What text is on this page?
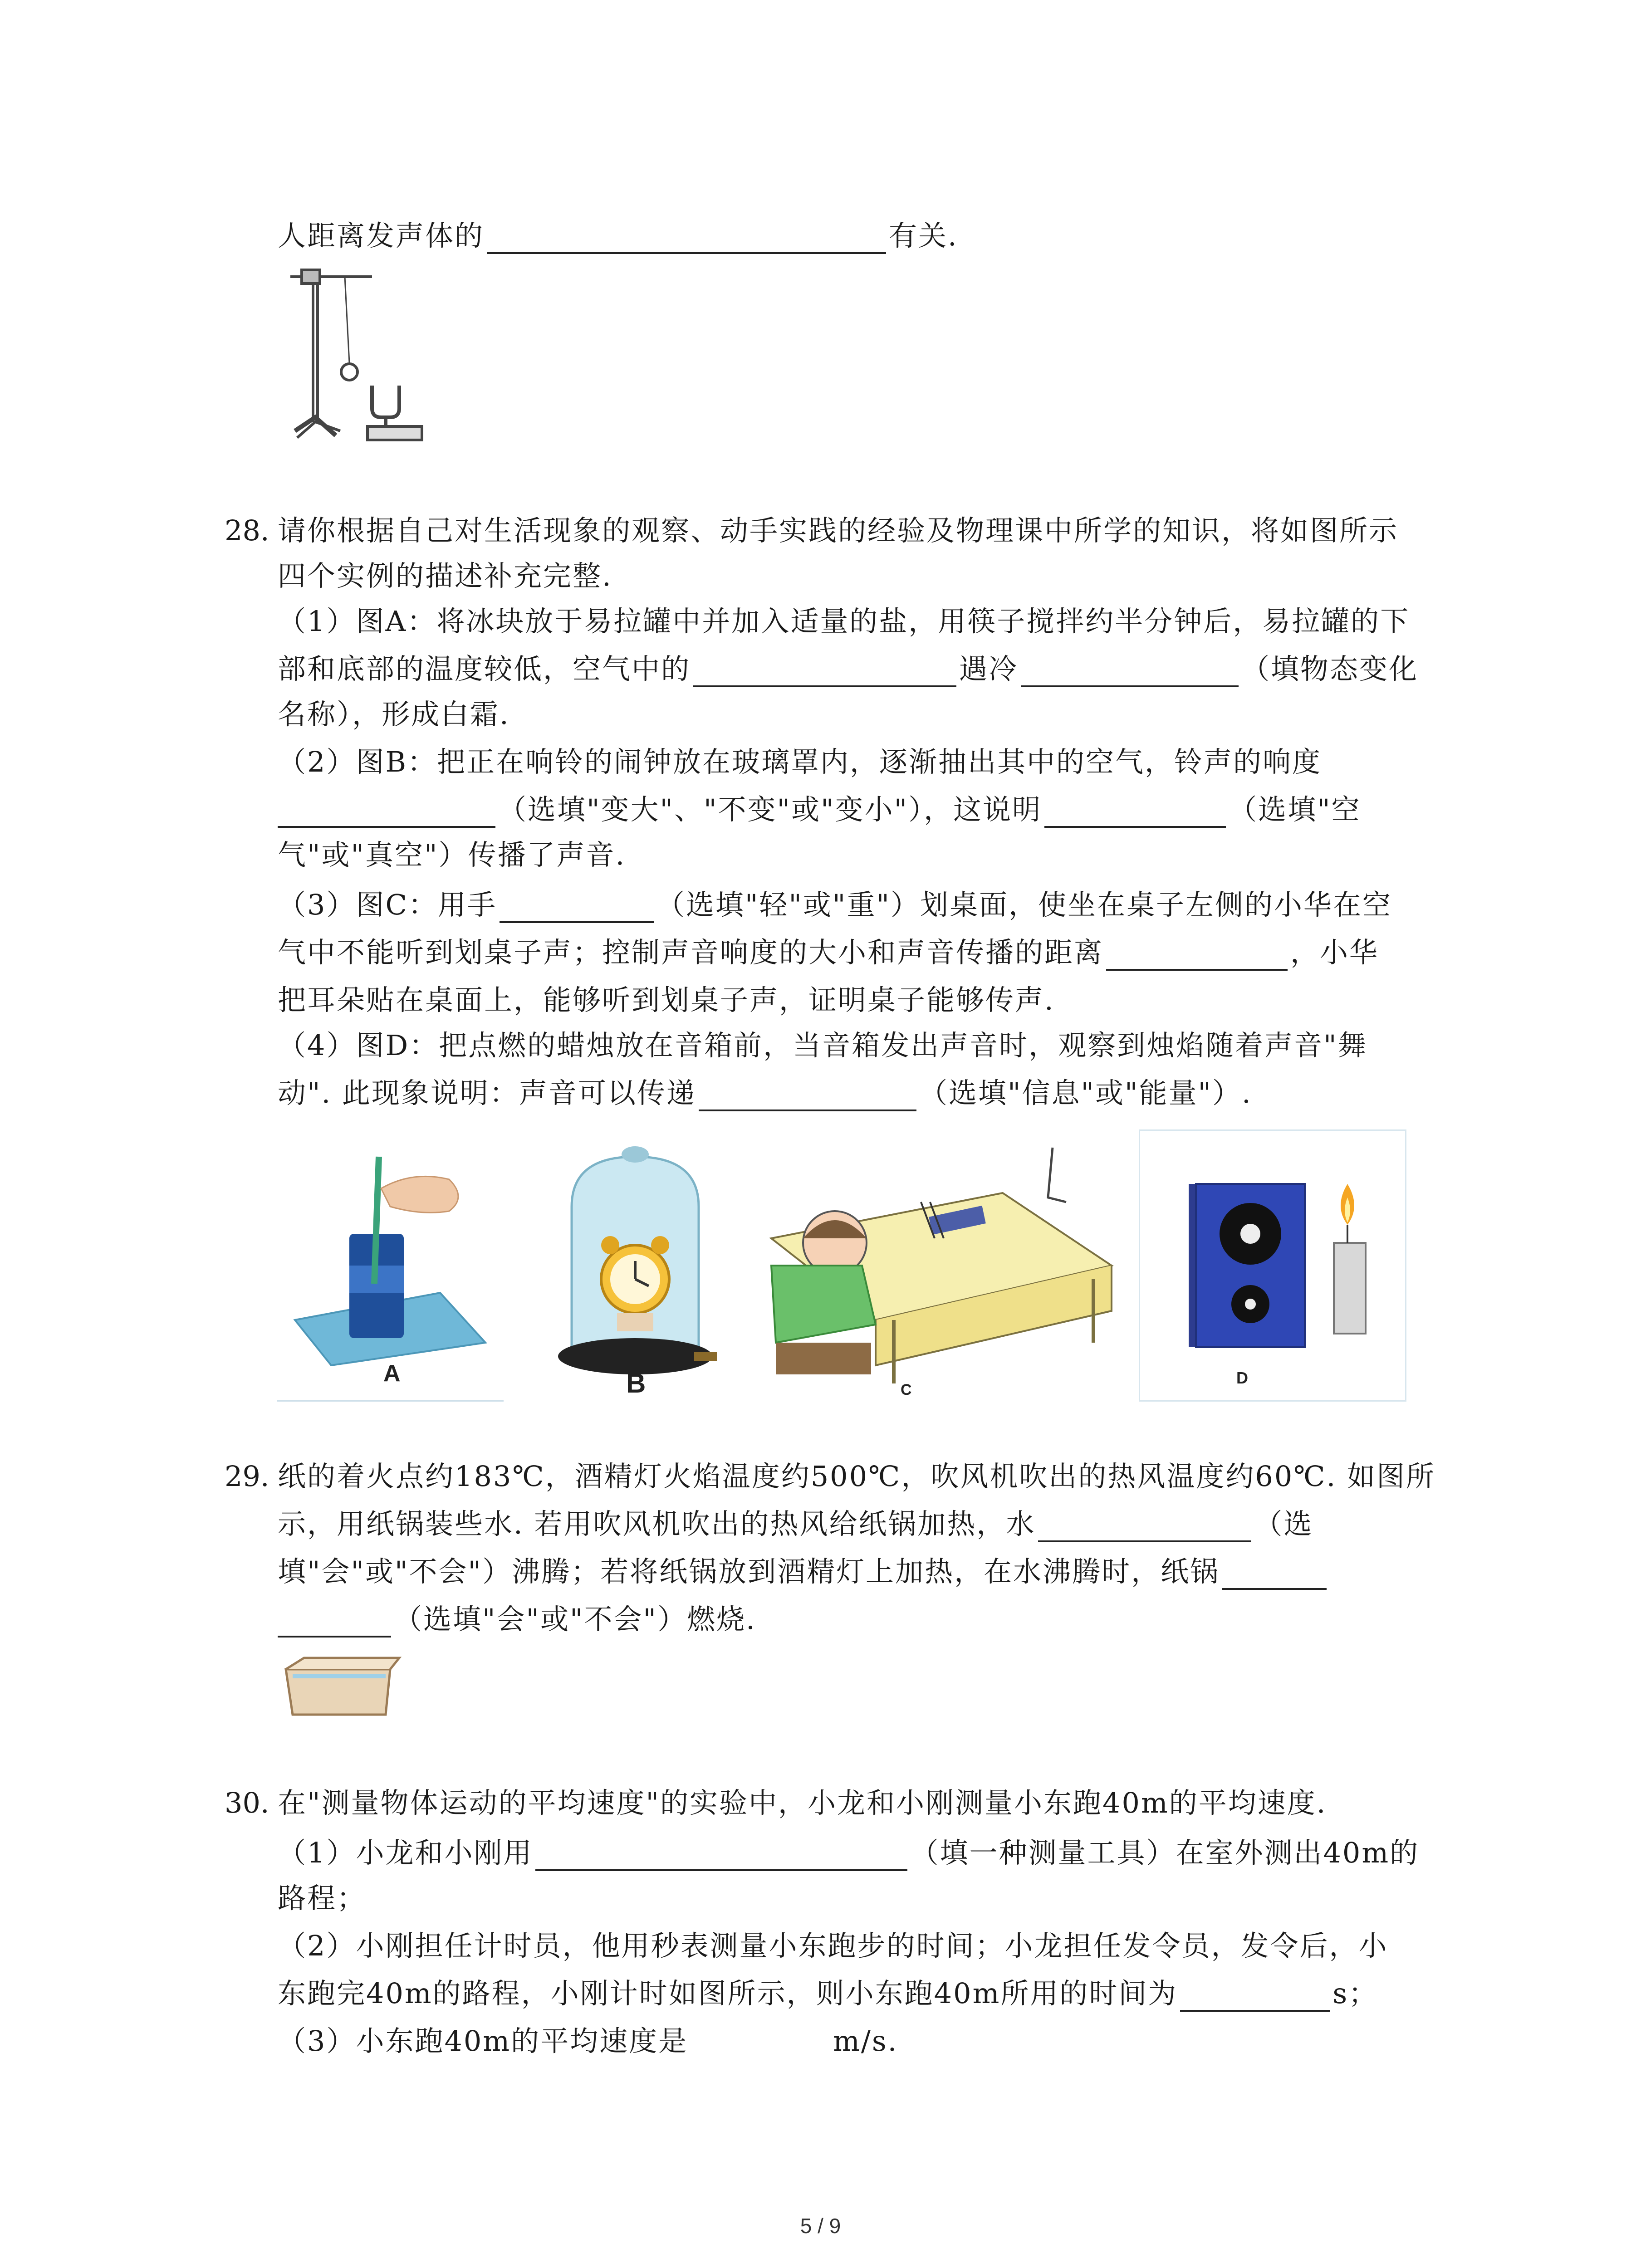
人距离发声体的	有关.
28. 请你根据自己对生活现象的观察、动手实践的经验及物理课中所学的知识，将如图所示
四个实例的描述补充完整.
（1）图A：将冰块放于易拉罐中并加入适量的盐，用筷子搅拌约半分钟后，易拉罐的下
部和底部的温度较低，空气中的	遇冷	（填物态变化
名称），形成白霜.
（2）图B：把正在响铃的闹钟放在玻璃罩内，逐渐抽出其中的空气，铃声的响度
（选填"变大"、"不变"或"变小"），这说明	（选填"空
气"或"真空"）传播了声音.
（3）图C：用手	（选填"轻"或"重"）划桌面，使坐在桌子左侧的小华在空
气中不能听到划桌子声；控制声音响度的大小和声音传播的距离	，小华
把耳朵贴在桌面上，能够听到划桌子声，证明桌子能够传声.
（4）图D：把点燃的蜡烛放在音箱前，当音箱发出声音时，观察到烛焰随着声音"舞
动". 此现象说明：声音可以传递	（选填"信息"或"能量"）.
A	B	C
D
29. 纸的着火点约183℃，酒精灯火焰温度约500℃，吹风机吹出的热风温度约60℃. 如图所
示，用纸锅装些水. 若用吹风机吹出的热风给纸锅加热，水	（选
填"会"或"不会"）沸腾；若将纸锅放到酒精灯上加热，在水沸腾时，纸锅
（选填"会"或"不会"）燃烧.
30. 在"测量物体运动的平均速度"的实验中，小龙和小刚测量小东跑40m的平均速度.
（1）小龙和小刚用	（填一种测量工具）在室外测出40m的
路程；
（2）小刚担任计时员，他用秒表测量小东跑步的时间；小龙担任发令员，发令后，小
东跑完40m的路程，小刚计时如图所示，则小东跑40m所用的时间为	s；
（3）小东跑40m的平均速度是	m/s.
5 / 9
